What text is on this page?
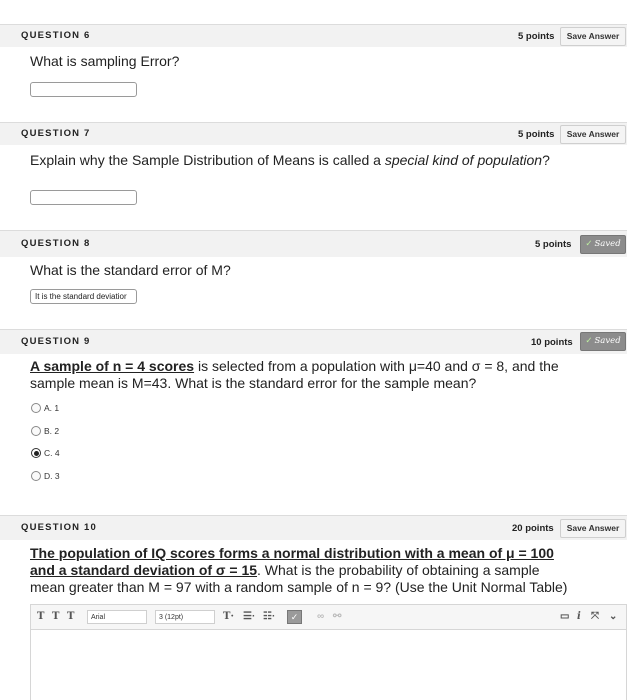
QUESTION 6	5 points	Save Answer
What is sampling Error?
QUESTION 7	5 points	Save Answer
Explain why the Sample Distribution of Means is called a special kind of population?
QUESTION 8	5 points	✓ Saved
What is the standard error of M?
It is the standard deviatior
QUESTION 9	10 points	✓ Saved
A sample of n = 4 scores is selected from a population with μ=40 and σ = 8, and the
sample mean is M=43. What is the standard error for the sample mean?
A. 1
B. 2
C. 4
D. 3
QUESTION 10	20 points	Save Answer
The population of IQ scores forms a normal distribution with a mean of μ = 100
and a standard deviation of σ = 15. What is the probability of obtaining a sample
mean greater than M = 97 with a random sample of n = 9? (Use the Unit Normal Table)
T T T	Arial	3 (12pt)	T· ☰· ☷·	✓	∞ ⚯	▭ i ⤧ ⌄
